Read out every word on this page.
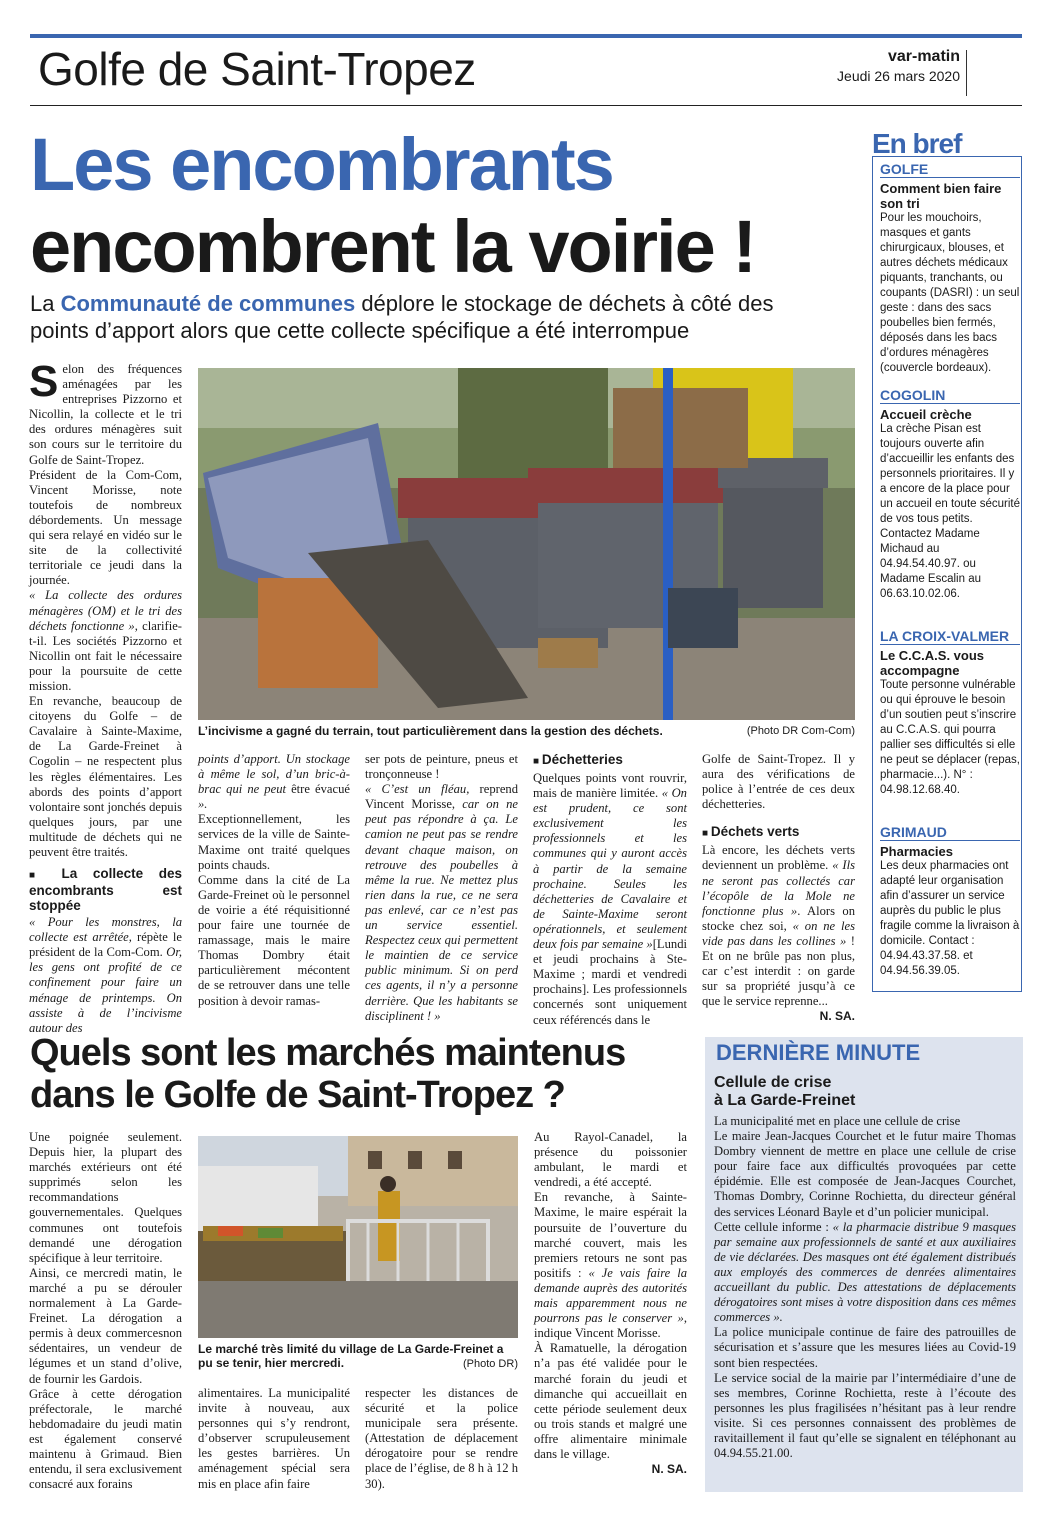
Golfe de Saint-Tropez	var-matin
Jeudi 26 mars 2020
Les encombrants
encombrent la voirie !
La Communauté de communes déplore le stockage de déchets à côté des points d’apport alors que cette collecte spécifique a été interrompue
L’incivisme a gagné du terrain, tout particulièrement dans la gestion des déchets.	(Photo DR Com-Com)

Selon des fréquences aménagées par les entreprises Pizzorno et Nicollin, la collecte et le tri des ordures ménagères suit son cours sur le territoire du Golfe de Saint-Tropez.

Président de la Com-Com, Vincent Morisse, note toutefois de nombreux débordements. Un message qui sera relayé en vidéo sur le site de la collectivité territoriale ce jeudi dans la journée.

« La collecte des ordures ménagères (OM) et le tri des déchets fonctionne », clarifie-t-il. Les sociétés Pizzorno et Nicollin ont fait le nécessaire pour la poursuite de cette mission.

En revanche, beaucoup de citoyens du Golfe – de Cavalaire à Sainte-Maxime, de La Garde-Freinet à Cogolin – ne respectent plus les règles élémentaires. Les abords des points d’apport volontaire sont jonchés depuis quelques jours, par une multitude de déchets qui ne peuvent être traités.

■ La collecte des encombrants est stoppée

« Pour les monstres, la collecte est arrêtée, répète le président de la Com-Com. Or, les gens ont profité de ce confinement pour faire un ménage de printemps. On assiste à de l’incivisme autour des

points d’apport. Un stockage à même le sol, d’un bric-à-brac qui ne peut être évacué ».

Exceptionnellement, les services de la ville de Sainte-Maxime ont traité quelques points chauds.

Comme dans la cité de La Garde-Freinet où le personnel de voirie a été réquisitionné pour faire une tournée de ramassage, mais le maire Thomas Dombry était particulièrement mécontent de se retrouver dans une telle position à devoir ramas-

ser pots de peinture, pneus et tronçonneuse !

« C’est un fléau, reprend Vincent Morisse, car on ne peut pas répondre à ça. Le camion ne peut pas se rendre devant chaque maison, on retrouve des poubelles à même la rue. Ne mettez plus rien dans la rue, ce ne sera pas enlevé, car ce n’est pas un service essentiel. Respectez ceux qui permettent le maintien de ce service public minimum. Si on perd ces agents, il n’y a personne derrière. Que les habitants se disciplinent ! »

■ Déchetteries

Quelques points vont rouvrir, mais de manière limitée. « On est prudent, ce sont exclusivement les professionnels et les communes qui y auront accès à partir de la semaine prochaine. Seules les déchetteries de Cavalaire et de Sainte-Maxime seront opérationnels, et seulement deux fois par semaine »[Lundi et jeudi prochains à Ste-Maxime ; mardi et vendredi prochains]. Les professionnels concernés sont uniquement ceux référencés dans le

Golfe de Saint-Tropez. Il y aura des vérifications de police à l’entrée de ces deux déchetteries.

■ Déchets verts

Là encore, les déchets verts deviennent un problème. « Ils ne seront pas collectés car l’écopôle de la Mole ne fonctionne plus ». Alors on stocke chez soi, « on ne les vide pas dans les collines » ! Et on ne brûle pas non plus, car c’est interdit : on garde sur sa propriété jusqu’à ce que le service reprenne...

N. SA.
En bref
GOLFE
Comment bien faire son tri

Pour les mouchoirs, masques et gants chirurgicaux, blouses, et autres déchets médicaux piquants, tranchants, ou coupants (DASRI) : un seul geste : dans des sacs poubelles bien fermés, déposés dans les bacs d’ordures ménagères (couvercle bordeaux).

COGOLIN
Accueil crèche

La crèche Pisan est toujours ouverte afin d’accueillir les enfants des personnels prioritaires. Il y a encore de la place pour un accueil en toute sécurité de vos tous petits. Contactez Madame Michaud au 04.94.54.40.97. ou Madame Escalin au 06.63.10.02.06.

LA CROIX-VALMER
Le C.C.A.S. vous accompagne

Toute personne vulnérable ou qui éprouve le besoin d’un soutien peut s’inscrire au C.C.A.S. qui pourra pallier ses difficultés si elle ne peut se déplacer (repas, pharmacie...). N° : 04.98.12.68.40.

GRIMAUD
Pharmacies

Les deux pharmacies ont adapté leur organisation afin d’assurer un service auprès du public le plus fragile comme la livraison à domicile. Contact : 04.94.43.37.58. et 04.94.56.39.05.

Quels sont les marchés maintenus dans le Golfe de Saint-Tropez ?

Une poignée seulement. Depuis hier, la plupart des marchés extérieurs ont été supprimés selon les recommandations gouvernementales. Quelques communes ont toutefois demandé une dérogation spécifique à leur territoire.

Ainsi, ce mercredi matin, le marché a pu se dérouler normalement à La Garde-Freinet. La dérogation a permis à deux commercesnon sédentaires, un vendeur de légumes et un stand d’olive, de fournir les Gardois.

Grâce à cette dérogation préfectorale, le marché hebdomadaire du jeudi matin est également conservé maintenu à Grimaud. Bien entendu, il sera exclusivement consacré aux forains

Le marché très limité du village de La Garde-Freinet a pu se tenir, hier mercredi.	(Photo DR)

alimentaires. La municipalité invite à nouveau, aux personnes qui s’y rendront, d’observer scrupuleusement les gestes barrières. Un aménagement spécial sera mis en place afin faire

respecter les distances de sécurité et la police municipale sera présente. (Attestation de déplacement dérogatoire pour se rendre place de l’église, de 8 h à 12 h 30).

Au Rayol-Canadel, la présence du poissonier ambulant, le mardi et vendredi, a été accepté.

En revanche, à Sainte-Maxime, le maire espérait la poursuite de l’ouverture du marché couvert, mais les premiers retours ne sont pas positifs : « Je vais faire la demande auprès des autorités mais apparemment nous ne pourrons pas le conserver », indique Vincent Morisse.

À Ramatuelle, la dérogation n’a pas été validée pour le marché forain du jeudi et dimanche qui accueillait en cette période seulement deux ou trois stands et malgré une offre alimentaire minimale dans le village.

N. SA.
DERNIÈRE MINUTE
Cellule de crise
à La Garde-Freinet

La municipalité met en place une cellule de crise

Le maire Jean-Jacques Courchet et le futur maire Thomas Dombry viennent de mettre en place une cellule de crise pour faire face aux difficultés provoquées par cette épidémie. Elle est composée de Jean-Jacques Courchet, Thomas Dombry, Corinne Rochietta, du directeur général des services Léonard Bayle et d’un policier municipal.

Cette cellule informe : « la pharmacie distribue 9 masques par semaine aux professionnels de santé et aux auxiliaires de vie déclarées. Des masques ont été également distribués aux employés des commerces de denrées alimentaires accueillant du public. Des attestations de déplacements dérogatoires sont mises à votre disposition dans ces mêmes commerces ».

La police municipale continue de faire des patrouilles de sécurisation et s’assure que les mesures liées au Covid-19 sont bien respectées.

Le service social de la mairie par l’intermédiaire d’une de ses membres, Corinne Rochietta, reste à l’écoute des personnes les plus fragilisées n’hésitant pas à leur rendre visite. Si ces personnes connaissent des problèmes de ravitaillement il faut qu’elle se signalent en téléphonant au 04.94.55.21.00.
